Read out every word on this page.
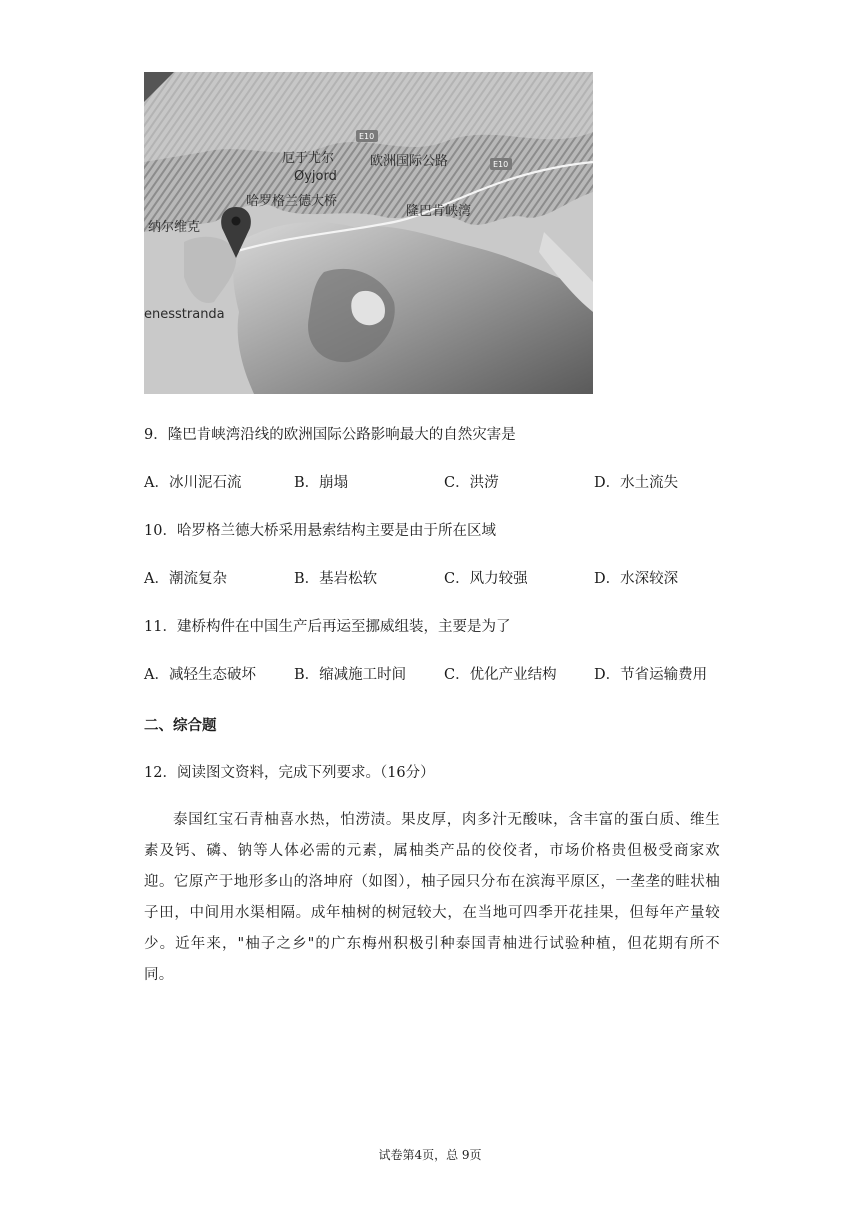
E10
E10
厄于尤尔
Øyjord
欧洲国际公路
哈罗格兰德大桥
纳尔维克
隆巴肯峡湾
enesstranda
9．隆巴肯峡湾沿线的欧洲国际公路影响最大的自然灾害是
A．冰川泥石流	B．崩塌	C．洪涝	D．水土流失
10．哈罗格兰德大桥采用悬索结构主要是由于所在区域
A．潮流复杂	B．基岩松软	C．风力较强	D．水深较深
11．建桥构件在中国生产后再运至挪威组装，主要是为了
A．减轻生态破坏	B．缩减施工时间	C．优化产业结构	D．节省运输费用
二、综合题
12．阅读图文资料，完成下列要求。（16分）
泰国红宝石青柚喜水热，怕涝渍。果皮厚，肉多汁无酸味，含丰富的蛋白质、维生素及钙、磷、钠等人体必需的元素，属柚类产品的佼佼者，市场价格贵但极受商家欢迎。它原产于地形多山的洛坤府（如图），柚子园只分布在滨海平原区，一垄垄的畦状柚子田，中间用水渠相隔。成年柚树的树冠较大，在当地可四季开花挂果，但每年产量较少。近年来，"柚子之乡"的广东梅州积极引种泰国青柚进行试验种植，但花期有所不同。
试卷第4页，总 9页
